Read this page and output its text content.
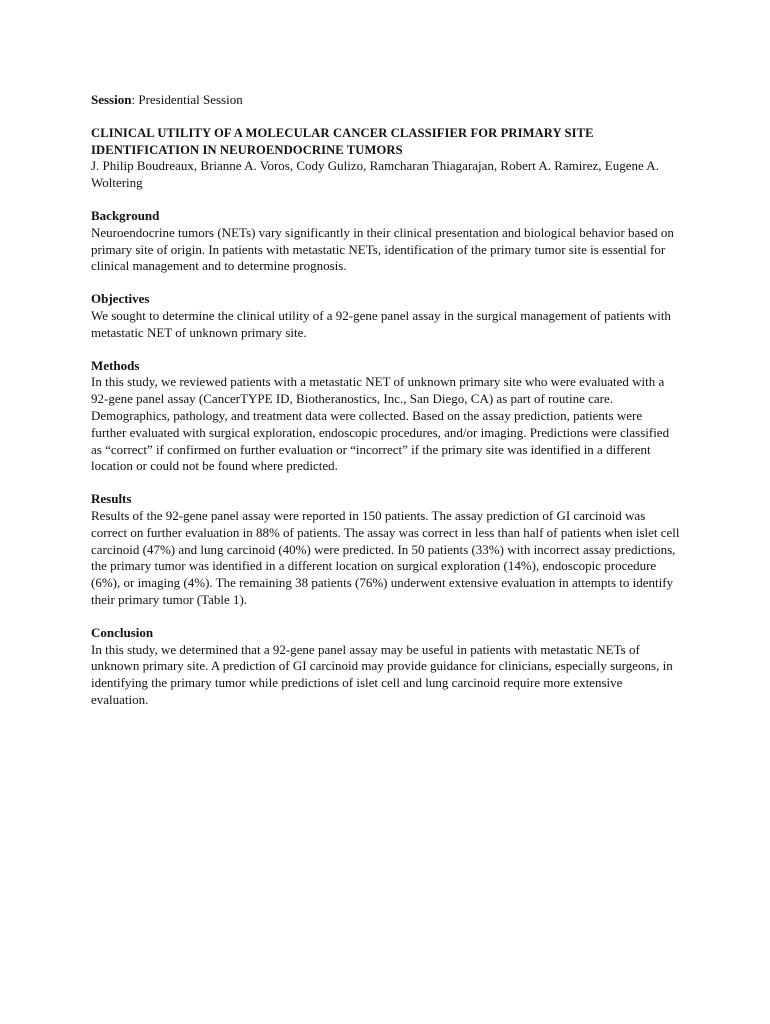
Session: Presidential Session

CLINICAL UTILITY OF A MOLECULAR CANCER CLASSIFIER FOR PRIMARY SITE IDENTIFICATION IN NEUROENDOCRINE TUMORS

J. Philip Boudreaux, Brianne A. Voros, Cody Gulizo, Ramcharan Thiagarajan, Robert A. Ramirez, Eugene A. Woltering

Background

Neuroendocrine tumors (NETs) vary significantly in their clinical presentation and biological behavior based on primary site of origin. In patients with metastatic NETs, identification of the primary tumor site is essential for clinical management and to determine prognosis.

Objectives

We sought to determine the clinical utility of a 92-gene panel assay in the surgical management of patients with metastatic NET of unknown primary site.

Methods

In this study, we reviewed patients with a metastatic NET of unknown primary site who were evaluated with a 92-gene panel assay (CancerTYPE ID, Biotheranostics, Inc., San Diego, CA) as part of routine care. Demographics, pathology, and treatment data were collected. Based on the assay prediction, patients were further evaluated with surgical exploration, endoscopic procedures, and/or imaging. Predictions were classified as “correct” if confirmed on further evaluation or “incorrect” if the primary site was identified in a different location or could not be found where predicted.

Results

Results of the 92-gene panel assay were reported in 150 patients. The assay prediction of GI carcinoid was correct on further evaluation in 88% of patients. The assay was correct in less than half of patients when islet cell carcinoid (47%) and lung carcinoid (40%) were predicted. In 50 patients (33%) with incorrect assay predictions, the primary tumor was identified in a different location on surgical exploration (14%), endoscopic procedure (6%), or imaging (4%). The remaining 38 patients (76%) underwent extensive evaluation in attempts to identify their primary tumor (Table 1).

Conclusion

In this study, we determined that a 92-gene panel assay may be useful in patients with metastatic NETs of unknown primary site. A prediction of GI carcinoid may provide guidance for clinicians, especially surgeons, in identifying the primary tumor while predictions of islet cell and lung carcinoid require more extensive evaluation.
